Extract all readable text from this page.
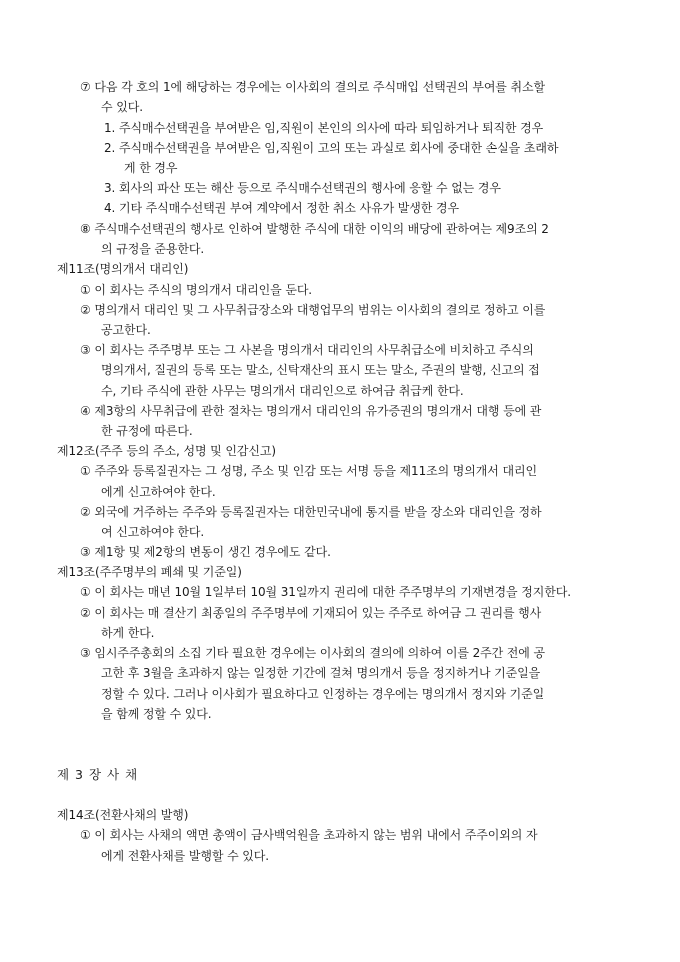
⑦ 다음 각 호의 1에 해당하는 경우에는 이사회의 결의로 주식매입 선택권의 부여를 취소할
수 있다.
1. 주식매수선택권을 부여받은 임,직원이 본인의 의사에 따라 퇴임하거나 퇴직한 경우
2. 주식매수선택권을 부여받은 임,직원이 고의 또는 과실로 회사에 중대한 손실을 초래하
게 한 경우
3. 회사의 파산 또는 해산 등으로 주식매수선택권의 행사에 응할 수 없는 경우
4. 기타 주식매수선택권 부여 계약에서 정한 취소 사유가 발생한 경우
⑧ 주식매수선택권의 행사로 인하여 발행한 주식에 대한 이익의 배당에 관하여는 제9조의 2
의 규정을 준용한다.
제11조(명의개서 대리인)
① 이 회사는 주식의 명의개서 대리인을 둔다.
② 명의개서 대리인 및 그 사무취급장소와 대행업무의 범위는 이사회의 결의로 정하고 이를
공고한다.
③ 이 회사는 주주명부 또는 그 사본을 명의개서 대리인의 사무취급소에 비치하고 주식의
명의개서, 질권의 등록 또는 말소, 신탁재산의 표시 또는 말소, 주권의 발행, 신고의 접
수, 기타 주식에 관한 사무는 명의개서 대리인으로 하여금 취급케 한다.
④ 제3항의 사무취급에 관한 절차는 명의개서 대리인의 유가증권의 명의개서 대행 등에 관
한 규정에 따른다.
제12조(주주 등의 주소, 성명 및 인감신고)
① 주주와 등록질권자는 그 성명, 주소 및 인감 또는 서명 등을 제11조의 명의개서 대리인
에게 신고하여야 한다.
② 외국에 거주하는 주주와 등록질권자는 대한민국내에 통지를 받을 장소와 대리인을 정하
여 신고하여야 한다.
③ 제1항 및 제2항의 변동이 생긴 경우에도 같다.
제13조(주주명부의 폐쇄 및 기준일)
① 이 회사는 매년 10월 1일부터 10월 31일까지 권리에 대한 주주명부의 기재변경을 정지한다.
② 이 회사는 매 결산기 최종일의 주주명부에 기재되어 있는 주주로 하여금 그 권리를 행사
하게 한다.
③ 임시주주총회의 소집 기타 필요한 경우에는 이사회의 결의에 의하여 이를 2주간 전에 공
고한 후 3월을 초과하지 않는 일정한 기간에 걸쳐 명의개서 등을 정지하거나 기준일을
정할 수 있다. 그러나 이사회가 필요하다고 인정하는 경우에는 명의개서 정지와 기준일
을 함께 정할 수 있다.
제 3 장 사 채
제14조(전환사채의 발행)
① 이 회사는 사채의 액면 총액이 금사백억원을 초과하지 않는 범위 내에서 주주이외의 자
에게 전환사채를 발행할 수 있다.
